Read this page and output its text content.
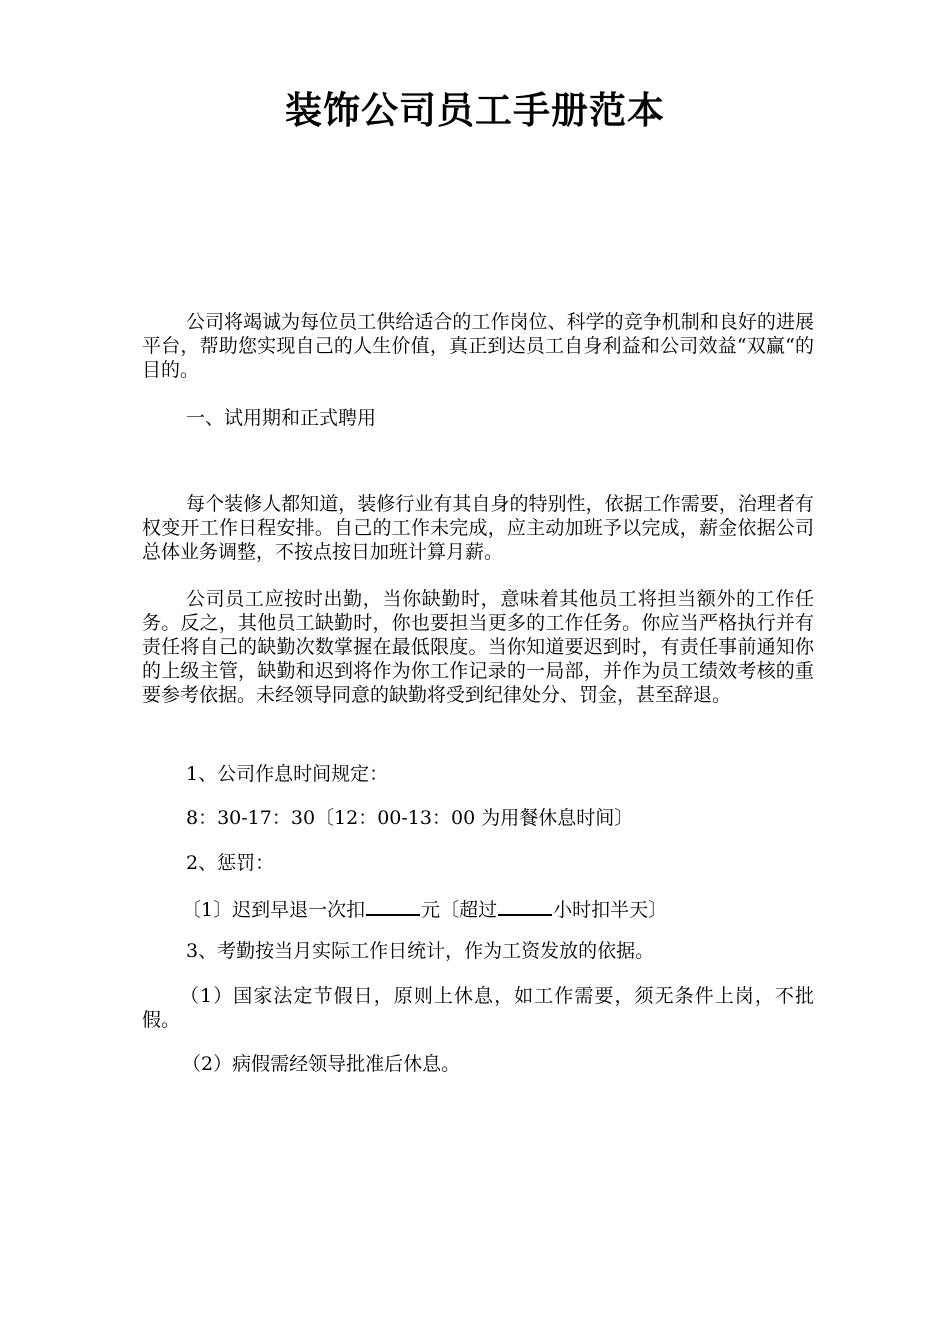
装饰公司员工手册范本

公司将竭诚为每位员工供给适合的工作岗位、科学的竞争机制和良好的进展平台，帮助您实现自己的人生价值，真正到达员工自身利益和公司效益“双赢“的目的。

一、试用期和正式聘用

每个装修人都知道，装修行业有其自身的特别性，依据工作需要，治理者有权变开工作日程安排。自己的工作未完成，应主动加班予以完成，薪金依据公司总体业务调整，不按点按日加班计算月薪。

公司员工应按时出勤，当你缺勤时，意味着其他员工将担当额外的工作任务。反之，其他员工缺勤时，你也要担当更多的工作任务。你应当严格执行并有责任将自己的缺勤次数掌握在最低限度。当你知道要迟到时，有责任事前通知你的上级主管，缺勤和迟到将作为你工作记录的一局部，并作为员工绩效考核的重要参考依据。未经领导同意的缺勤将受到纪律处分、罚金，甚至辞退。

1、公司作息时间规定：

8：30-17：30〔12：00-13：00 为用餐休息时间〕

2、惩罚：

〔1〕迟到早退一次扣	元〔超过	小时扣半天〕

3、考勤按当月实际工作日统计，作为工资发放的依据。

（1）国家法定节假日，原则上休息，如工作需要，须无条件上岗，不批假。

（2）病假需经领导批准后休息。
